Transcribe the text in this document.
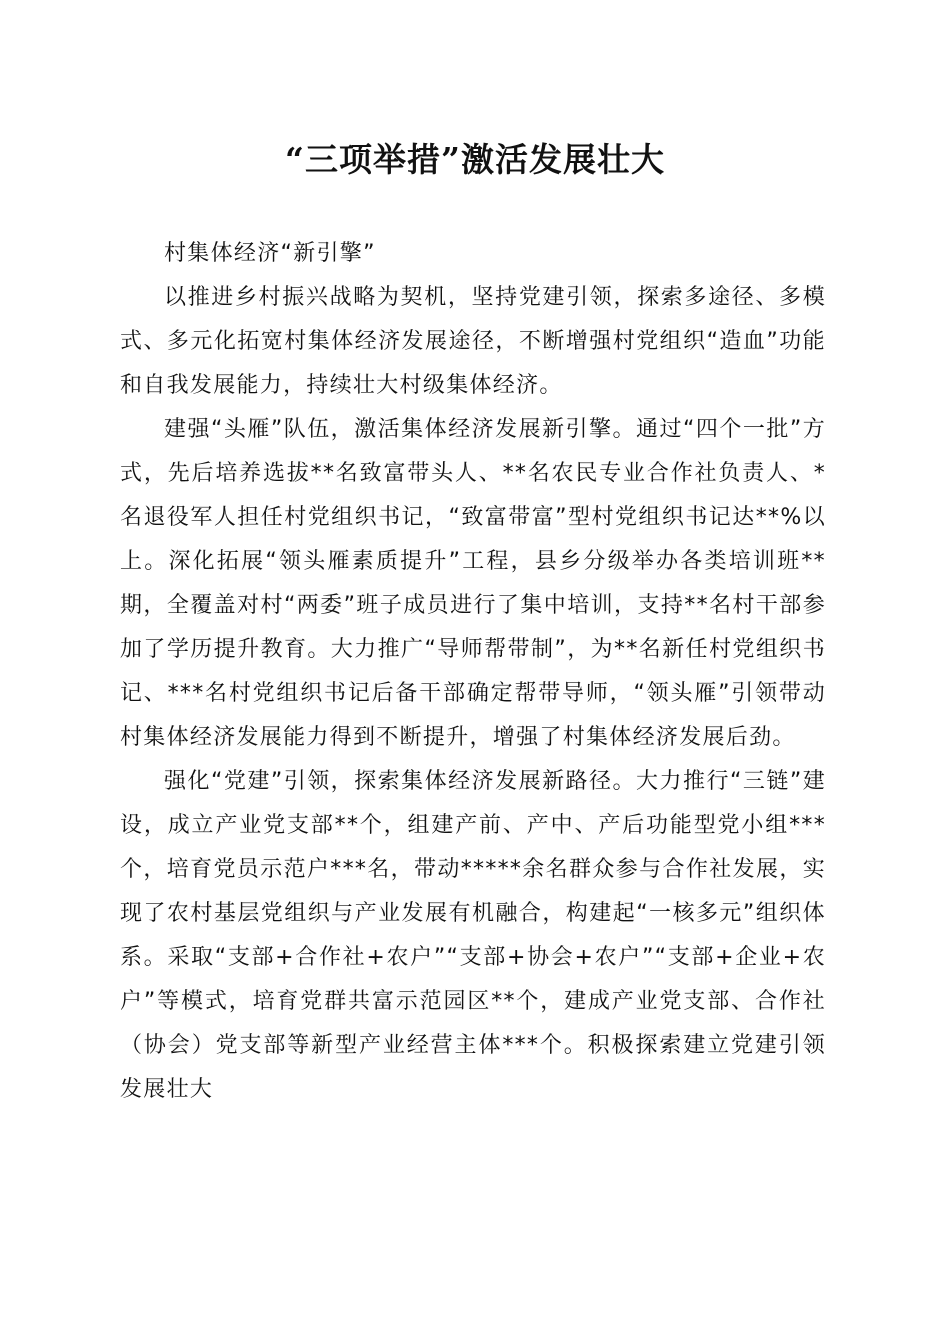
“三项举措”激活发展壮大

村集体经济“新引擎”

以推进乡村振兴战略为契机，坚持党建引领，探索多途径、多模式、多元化拓宽村集体经济发展途径，不断增强村党组织“造血”功能和自我发展能力，持续壮大村级集体经济。

建强“头雁”队伍，激活集体经济发展新引擎。通过“四个一批”方式，先后培养选拔**名致富带头人、**名农民专业合作社负责人、*名退役军人担任村党组织书记，“致富带富”型村党组织书记达**%以上。深化拓展“领头雁素质提升”工程，县乡分级举办各类培训班**期，全覆盖对村“两委”班子成员进行了集中培训，支持**名村干部参加了学历提升教育。大力推广“导师帮带制”，为**名新任村党组织书记、***名村党组织书记后备干部确定帮带导师，“领头雁”引领带动村集体经济发展能力得到不断提升，增强了村集体经济发展后劲。

强化“党建”引领，探索集体经济发展新路径。大力推行“三链”建设，成立产业党支部**个，组建产前、产中、产后功能型党小组***个，培育党员示范户***名，带动*****余名群众参与合作社发展，实现了农村基层党组织与产业发展有机融合，构建起“一核多元”组织体系。采取“支部+合作社+农户”“支部+协会+农户”“支部+企业+农户”等模式，培育党群共富示范园区**个，建成产业党支部、合作社（协会）党支部等新型产业经营主体***个。积极探索建立党建引领发展壮大
